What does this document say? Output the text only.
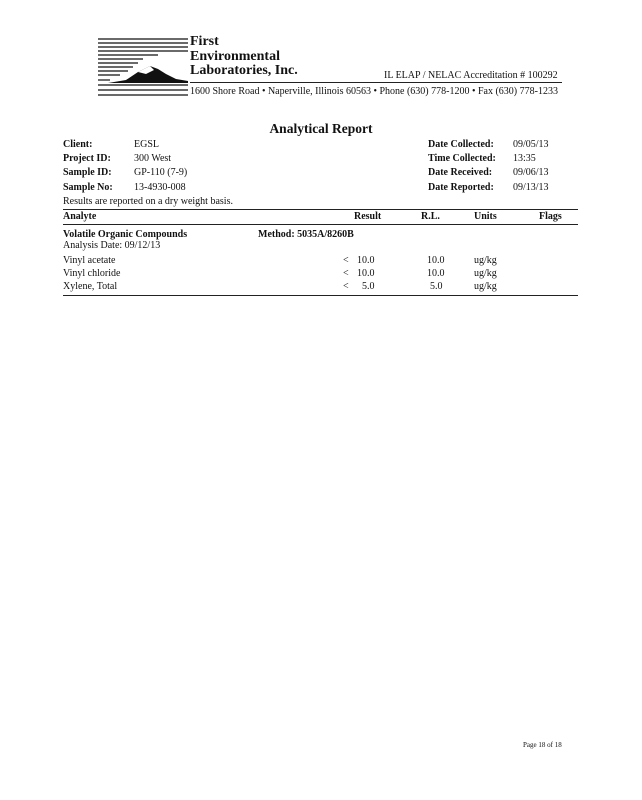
First
Environmental
Laboratories, Inc.	IL ELAP / NELAC Accreditation # 100292
1600 Shore Road • Naperville, Illinois 60563 • Phone (630) 778-1200 • Fax (630) 778-1233
Analytical Report
Client:	EGSL
Project ID: 300 West
Sample ID: GP-110 (7-9)
Sample No: 13-4930-008
Date Collected: 09/05/13
Time Collected: 13:35
Date Received: 09/06/13
Date Reported: 09/13/13
Results are reported on a dry weight basis.
Analyte	Result	R.L.	Units	Flags
Volatile Organic Compounds	Method: 5035A/8260B
Analysis Date: 09/12/13
Vinyl acetate	< 10.0	10.0	ug/kg
Vinyl chloride	< 10.0	10.0	ug/kg
Xylene, Total	< 5.0	5.0	ug/kg
Page 18 of 18
